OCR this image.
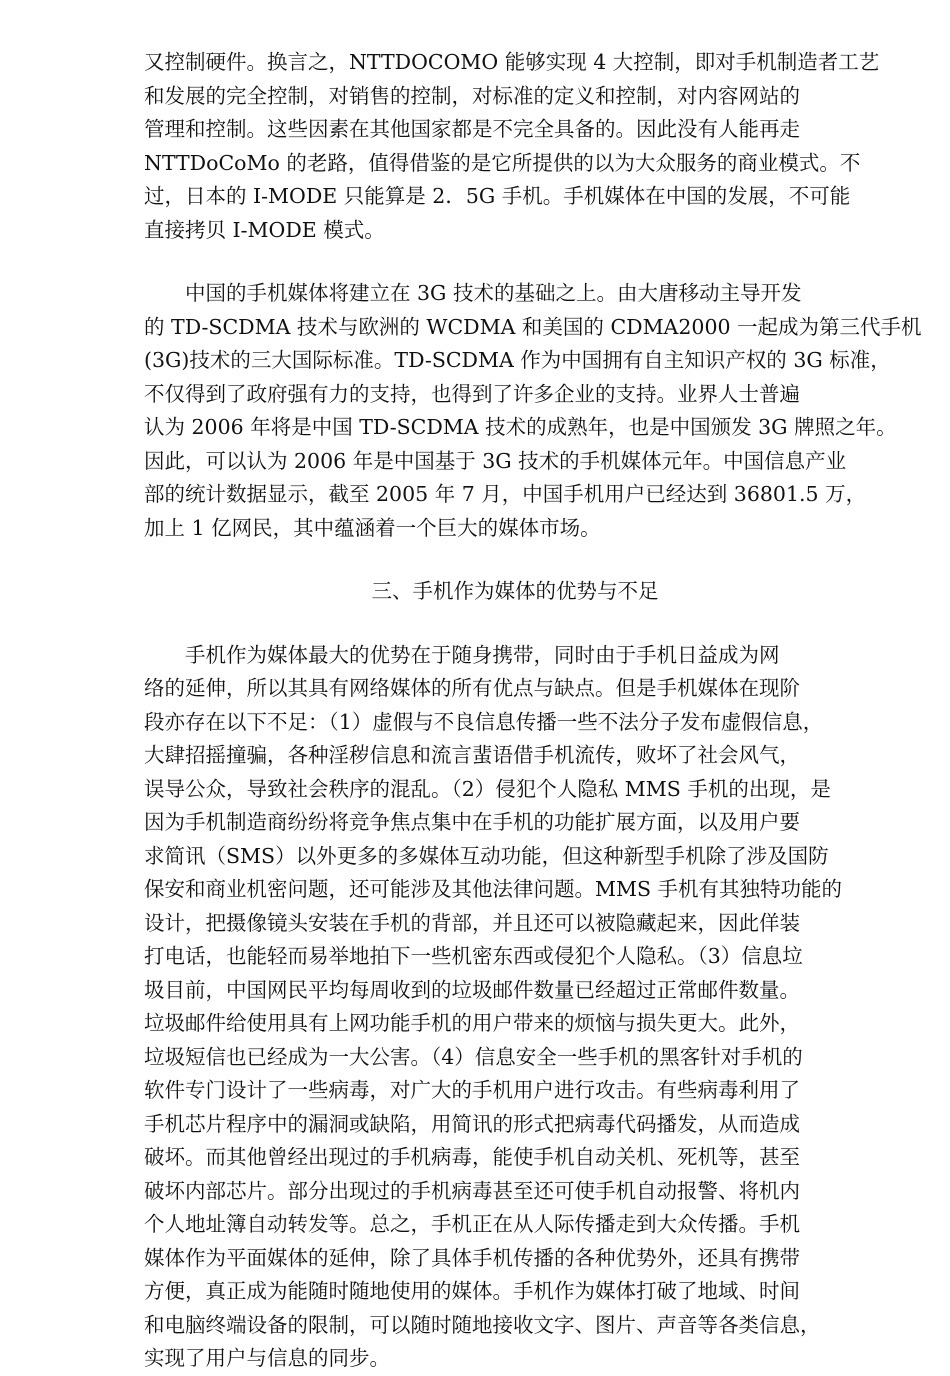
又控制硬件。换言之，NTTDOCOMO 能够实现 4 大控制，即对手机制造者工艺
和发展的完全控制，对销售的控制，对标准的定义和控制，对内容网站的
管理和控制。这些因素在其他国家都是不完全具备的。因此没有人能再走
NTTDoCoMo 的老路，值得借鉴的是它所提供的以为大众服务的商业模式。不
过，日本的 I-MODE 只能算是 2．5G 手机。手机媒体在中国的发展，不可能
直接拷贝 I-MODE 模式。
　　中国的手机媒体将建立在 3G 技术的基础之上。由大唐移动主导开发
的 TD-SCDMA 技术与欧洲的 WCDMA 和美国的 CDMA2000 一起成为第三代手机
(3G)技术的三大国际标准。TD-SCDMA 作为中国拥有自主知识产权的 3G 标准，
不仅得到了政府强有力的支持，也得到了许多企业的支持。业界人士普遍
认为 2006 年将是中国 TD-SCDMA 技术的成熟年，也是中国颁发 3G 牌照之年。
因此，可以认为 2006 年是中国基于 3G 技术的手机媒体元年。中国信息产业
部的统计数据显示，截至 2005 年 7 月，中国手机用户已经达到 36801.5 万，
加上 1 亿网民，其中蕴涵着一个巨大的媒体市场。
三、手机作为媒体的优势与不足
　　手机作为媒体最大的优势在于随身携带，同时由于手机日益成为网
络的延伸，所以其具有网络媒体的所有优点与缺点。但是手机媒体在现阶
段亦存在以下不足：（1）虚假与不良信息传播一些不法分子发布虚假信息，
大肆招摇撞骗，各种淫秽信息和流言蜚语借手机流传，败坏了社会风气，
误导公众，导致社会秩序的混乱。（2）侵犯个人隐私 MMS 手机的出现，是
因为手机制造商纷纷将竞争焦点集中在手机的功能扩展方面，以及用户要
求简讯（SMS）以外更多的多媒体互动功能，但这种新型手机除了涉及国防
保安和商业机密问题，还可能涉及其他法律问题。MMS 手机有其独特功能的
设计，把摄像镜头安装在手机的背部，并且还可以被隐藏起来，因此佯装
打电话，也能轻而易举地拍下一些机密东西或侵犯个人隐私。（3）信息垃
圾目前，中国网民平均每周收到的垃圾邮件数量已经超过正常邮件数量。
垃圾邮件给使用具有上网功能手机的用户带来的烦恼与损失更大。此外，
垃圾短信也已经成为一大公害。（4）信息安全一些手机的黑客针对手机的
软件专门设计了一些病毒，对广大的手机用户进行攻击。有些病毒利用了
手机芯片程序中的漏洞或缺陷，用简讯的形式把病毒代码播发，从而造成
破坏。而其他曾经出现过的手机病毒，能使手机自动关机、死机等，甚至
破坏内部芯片。部分出现过的手机病毒甚至还可使手机自动报警、将机内
个人地址簿自动转发等。总之，手机正在从人际传播走到大众传播。手机
媒体作为平面媒体的延伸，除了具体手机传播的各种优势外，还具有携带
方便，真正成为能随时随地使用的媒体。手机作为媒体打破了地域、时间
和电脑终端设备的限制，可以随时随地接收文字、图片、声音等各类信息，
实现了用户与信息的同步。
